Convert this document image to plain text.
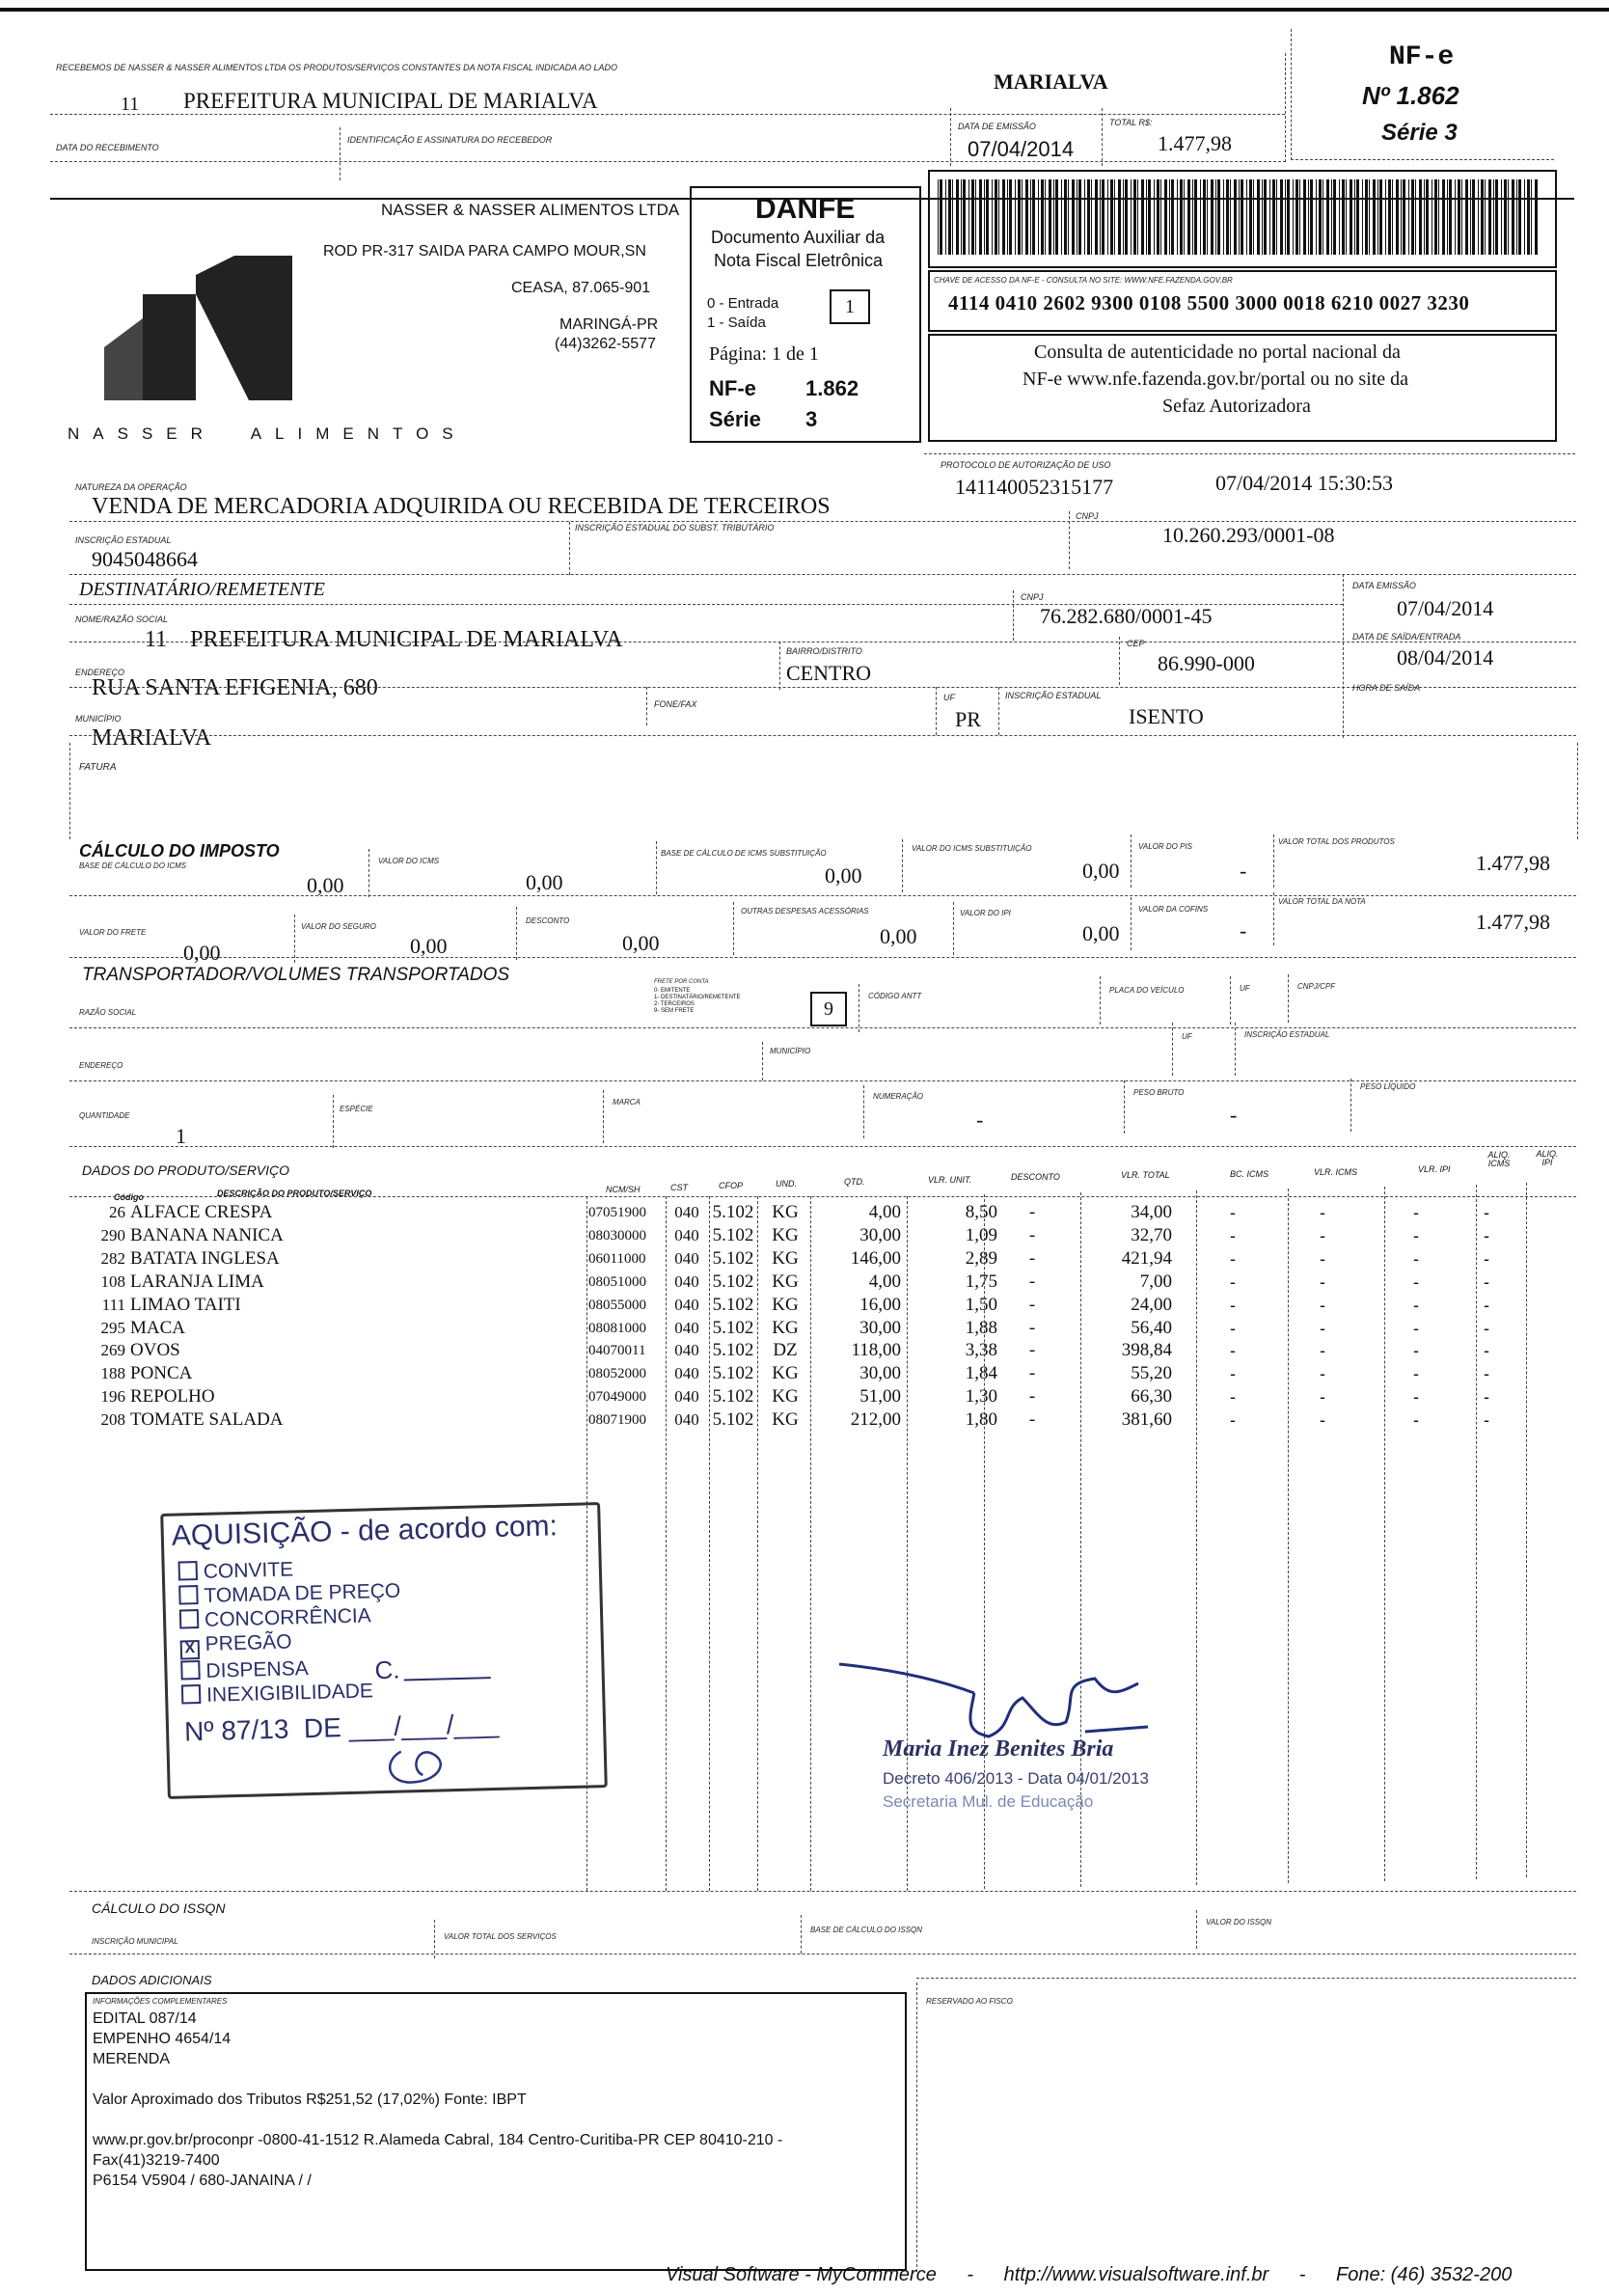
RECEBEMOS DE NASSER & NASSER ALIMENTOS LTDA OS PRODUTOS/SERVIÇOS CONSTANTES DA NOTA FISCAL INDICADA AO LADO
11 PREFEITURA MUNICIPAL DE MARIALVA
MARIALVA
DATA DO RECEBIMENTO
IDENTIFICAÇÃO E ASSINATURA DO RECEBEDOR
DATA DE EMISSÃO
07/04/2014
TOTAL R$:
1.477,98
NF-e
Nº 1.862
Série 3
NASSER ALIMENTOS
NASSER & NASSER ALIMENTOS LTDA
ROD PR-317 SAIDA PARA CAMPO MOUR,SN
CEASA, 87.065-901
MARINGÁ-PR
(44)3262-5577
DANFE
Documento Auxiliar da
Nota Fiscal Eletrônica
0 - Entrada
1 - Saída
1
Página: 1 de 1
NF-e 1.862
Série 3
CHAVE DE ACESSO DA NF-E - CONSULTA NO SITE: WWW.NFE.FAZENDA.GOV.BR
4114 0410 2602 9300 0108 5500 3000 0018 6210 0027 3230
Consulta de autenticidade no portal nacional da
NF-e www.nfe.fazenda.gov.br/portal ou no site da
Sefaz Autorizadora
PROTOCOLO DE AUTORIZAÇÃO DE USO
141140052315177	07/04/2014 15:30:53
NATUREZA DA OPERAÇÃO
VENDA DE MERCADORIA ADQUIRIDA OU RECEBIDA DE TERCEIROS
INSCRIÇÃO ESTADUAL
9045048664
INSCRIÇÃO ESTADUAL DO SUBST. TRIBUTÁRIO
CNPJ
10.260.293/0001-08
DESTINATÁRIO/REMETENTE
NOME/RAZÃO SOCIAL
11    PREFEITURA MUNICIPAL DE MARIALVA
CNPJ
76.282.680/0001-45
DATA EMISSÃO
07/04/2014
DATA DE SAÍDA/ENTRADA
08/04/2014
ENDEREÇO
RUA SANTA EFIGENIA, 680
BAIRRO/DISTRITO
CENTRO
CEP
86.990-000
HORA DE SAÍDA
MUNICÍPIO
MARIALVA
FONE/FAX
UF
PR
INSCRIÇÃO ESTADUAL
ISENTO
FATURA
CÁLCULO DO IMPOSTO
BASE DE CÁLCULO DO ICMS
0,00
VALOR DO ICMS
0,00
BASE DE CÁLCULO DE ICMS SUBSTITUIÇÃO
0,00
VALOR DO ICMS SUBSTITUIÇÃO
0,00
VALOR DO PIS
-
VALOR TOTAL DOS PRODUTOS
1.477,98
VALOR DO FRETE
0,00
VALOR DO SEGURO
0,00
DESCONTO
0,00
OUTRAS DESPESAS ACESSÓRIAS
0,00
VALOR DO IPI
0,00
VALOR DA COFINS
-
VALOR TOTAL DA NOTA
1.477,98
TRANSPORTADOR/VOLUMES TRANSPORTADOS
RAZÃO SOCIAL
FRETE POR CONTA
0- EMITENTE
1- DESTINATÁRIO/REMETENTE
2- TERCEIROS
9- SEM FRETE	9
CÓDIGO ANTT
PLACA DO VEÍCULO	UF	CNPJ/CPF
ENDEREÇO
MUNICÍPIO
UF	INSCRIÇÃO ESTADUAL
QUANTIDADE
1
ESPÉCIE
MARCA
NUMERAÇÃO
-
PESO BRUTO
-
PESO LÍQUIDO
DADOS DO PRODUTO/SERVIÇO
Código	DESCRIÇÃO DO PRODUTO/SERVIÇO	NCM/SH	CST	CFOP	UND.	QTD.	VLR. UNIT.	DESCONTO	VLR. TOTAL	BC. ICMS	VLR. ICMS	VLR. IPI
ALIQ. ICMS
ALIQ. IPI
26 ALFACE CRESPA	07051900	040 5.102 KG	4,00	8,50	-	34,00	-	-	-	-
290 BANANA NANICA	08030000	040 5.102 KG	30,00	1,09	-	32,70	-	-	-	-
282 BATATA INGLESA	06011000	040 5.102 KG	146,00	2,89	-	421,94	-	-	-	-
108 LARANJA LIMA	08051000	040 5.102 KG	4,00	1,75	-	7,00	-	-	-	-
111 LIMAO TAITI	08055000	040 5.102 KG	16,00	1,50	-	24,00	-	-	-	-
295 MACA	08081000	040 5.102 KG	30,00	1,88	-	56,40	-	-	-	-
269 OVOS	04070011	040 5.102	DZ	118,00	3,38	-	398,84	-	-	-	-
188 PONCA	08052000	040 5.102 KG	30,00	1,84	-	55,20	-	-	-	-
196 REPOLHO	07049000	040 5.102 KG	51,00	1,30	-	66,30	-	-	-	-
208 TOMATE SALADA	08071900	040 5.102 KG	212,00	1,80	-	381,60	-	-	-	-
AQUISIÇÃO - de acordo com:
CONVITE
TOMADA DE PREÇO
CONCORRÊNCIA
X PREGÃO
DISPENSA
INEXIGIBILIDADE
C.
Nº 87/13  DE ___/___/___
Maria Inez Benites Bria
Decreto 406/2013 - Data 04/01/2013
Secretaria Mul. de Educação
CÁLCULO DO ISSQN
INSCRIÇÃO MUNICIPAL
VALOR TOTAL DOS SERVIÇOS
BASE DE CÁLCULO DO ISSQN
VALOR DO ISSQN
DADOS ADICIONAIS
INFORMAÇÕES COMPLEMENTARES
EDITAL 087/14
EMPENHO 4654/14
MERENDA

Valor Aproximado dos Tributos R$251,52 (17,02%) Fonte: IBPT

www.pr.gov.br/procon​pr -0800-41-1512 R.Alameda Cabral, 184 Centro-Curitiba-PR CEP 80410-210 -
Fax(41)3219-7400
P6154 V5904 / 680-JANAINA / /
RESERVADO AO FISCO
Visual Software - MyCommerce - http://www.visualsoftware.inf.br - Fone: (46) 3532-200
